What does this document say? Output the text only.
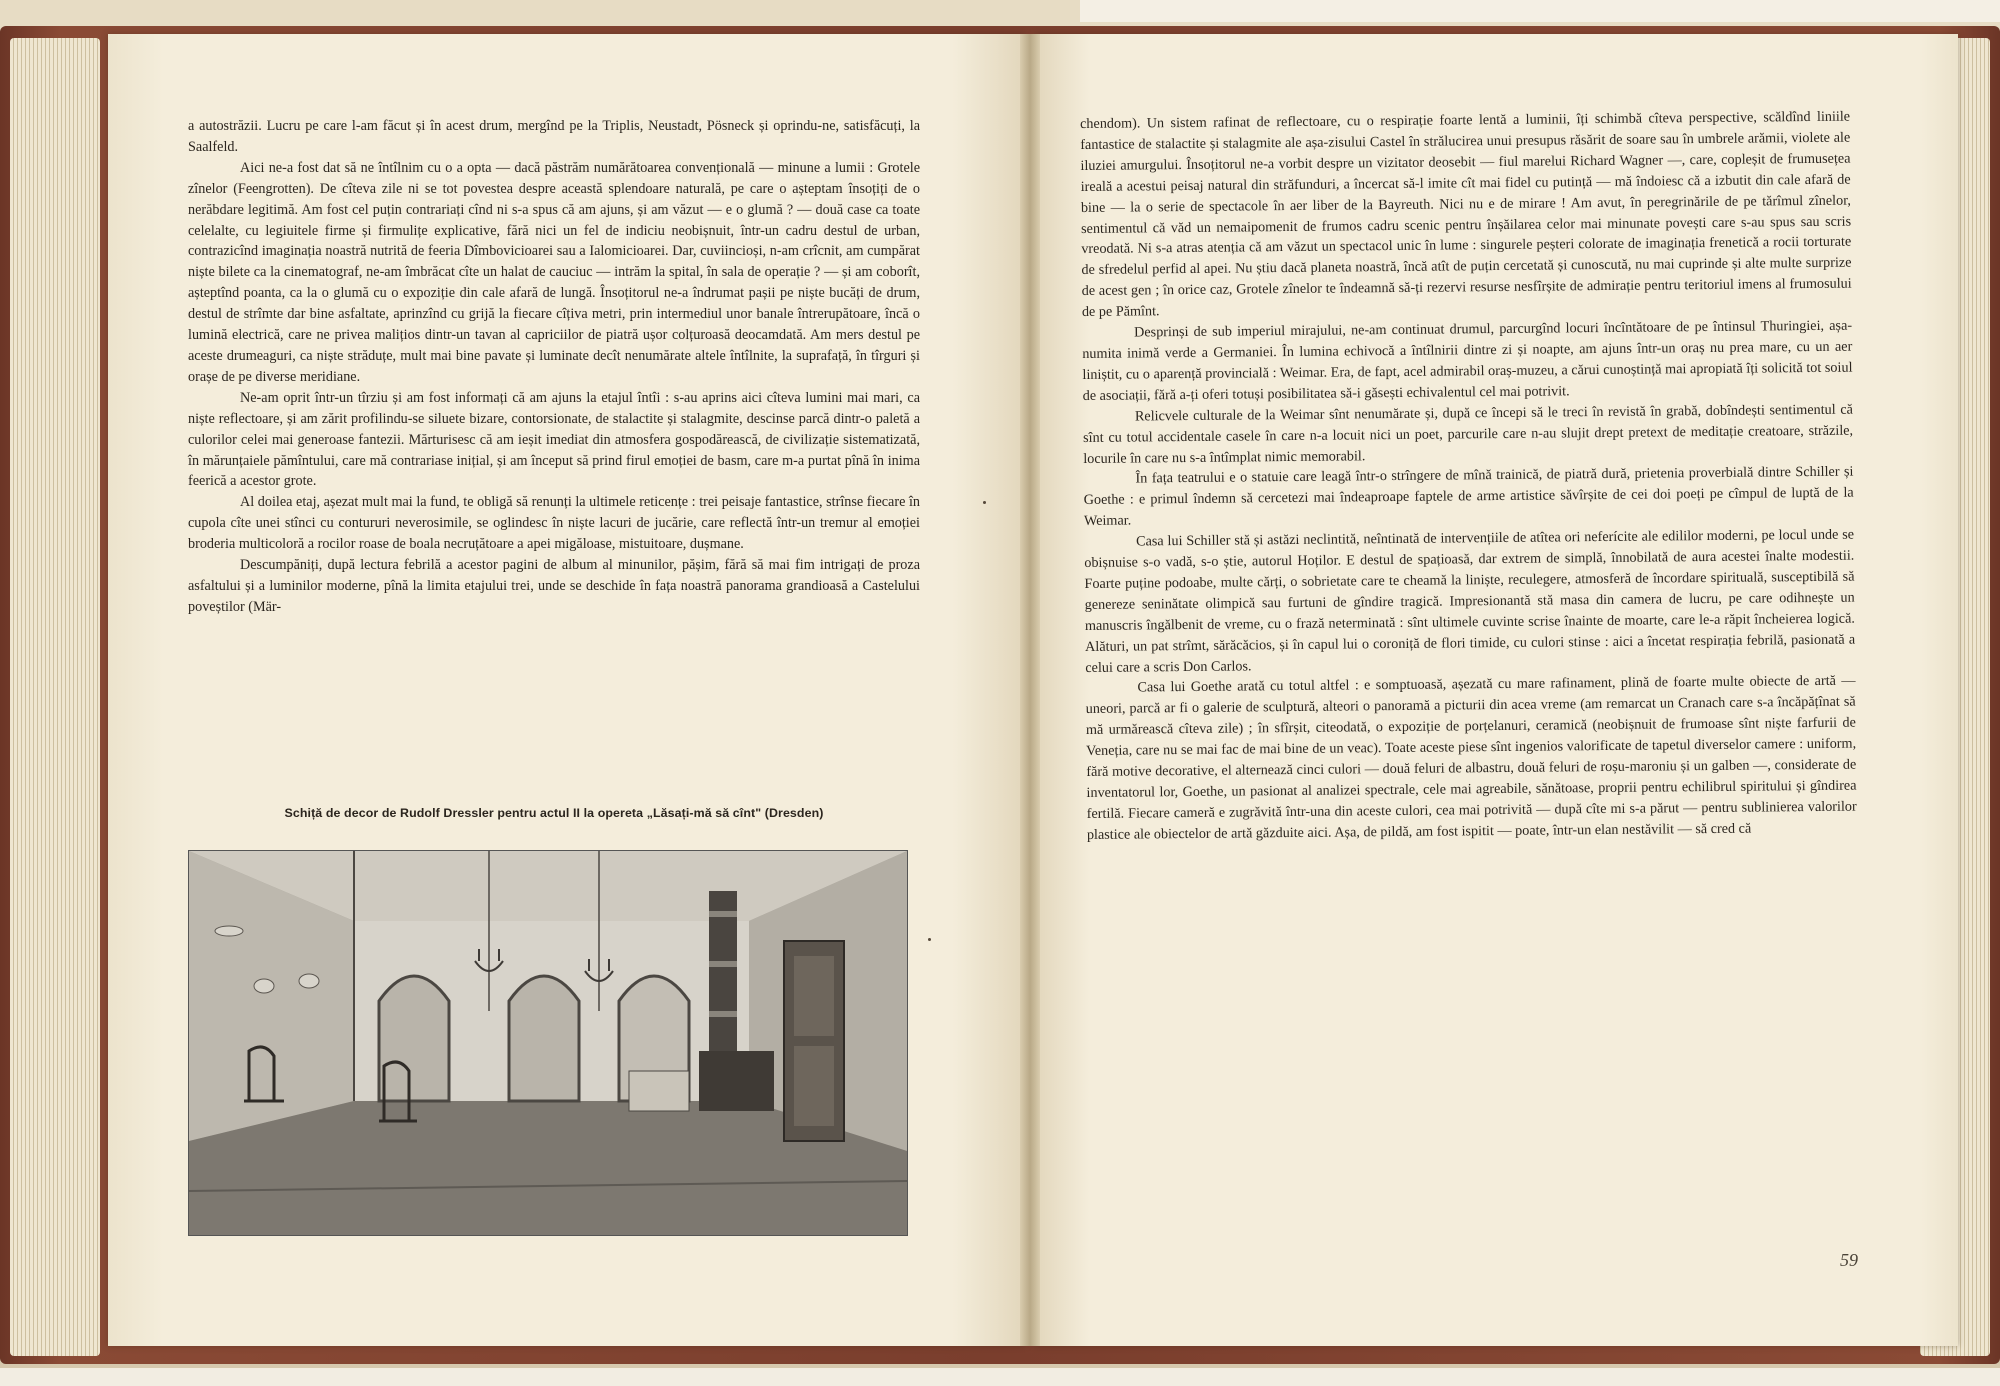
a autostrăzii. Lucru pe care l-am făcut și în acest drum, mergînd pe la Triplis, Neustadt, Pösneck și oprindu-ne, satisfăcuți, la Saalfeld.

Aici ne-a fost dat să ne întîlnim cu o a opta — dacă păstrăm numărătoarea convențională — minune a lumii : Grotele zînelor (Feengrotten). De cîteva zile ni se tot povestea despre această splendoare naturală, pe care o așteptam însoțiți de o nerăbdare legitimă. Am fost cel puțin contrariați cînd ni s-a spus că am ajuns, și am văzut — e o glumă ? — două case ca toate celelalte, cu legiuitele firme și firmulițe explicative, fără nici un fel de indiciu neobișnuit, într-un cadru destul de urban, contrazicînd imaginația noastră nutrită de feeria Dîmbovicioarei sau a Ialomicioarei. Dar, cuviincioși, n-am crîcnit, am cumpărat niște bilete ca la cinematograf, ne-am îmbrăcat cîte un halat de cauciuc — intrăm la spital, în sala de operație ? — și am coborît, așteptînd poanta, ca la o glumă cu o expoziție din cale afară de lungă. Însoțitorul ne-a îndrumat pașii pe niște bucăți de drum, destul de strîmte dar bine asfaltate, aprinzînd cu grijă la fiecare cîțiva metri, prin intermediul unor banale întrerupătoare, încă o lumină electrică, care ne privea malițios dintr-un tavan al capriciilor de piatră ușor colțuroasă deocamdată. Am mers destul pe aceste drumeaguri, ca niște străduțe, mult mai bine pavate și luminate decît nenumărate altele întîlnite, la suprafață, în tîrguri și orașe de pe diverse meridiane.

Ne-am oprit într-un tîrziu și am fost informați că am ajuns la etajul întîi : s-au aprins aici cîteva lumini mai mari, ca niște reflectoare, și am zărit profilindu-se siluete bizare, contorsionate, de stalactite și stalagmite, descinse parcă dintr-o paletă a culorilor celei mai generoase fantezii. Mărturisesc că am ieșit imediat din atmosfera gospodărească, de civilizație sistematizată, în mărunțaiele pămîntului, care mă contrariase inițial, și am început să prind firul emoției de basm, care m-a purtat pînă în inima feerică a acestor grote.

Al doilea etaj, așezat mult mai la fund, te obligă să renunți la ultimele reticențe : trei peisaje fantastice, strînse fiecare în cupola cîte unei stînci cu contururi neverosimile, se oglindesc în niște lacuri de jucărie, care reflectă într-un tremur al emoției broderia multicoloră a rocilor roase de boala necruțătoare a apei migăloase, mistuitoare, dușmane.

Descumpăniți, după lectura febrilă a acestor pagini de album al minunilor, pășim, fără să mai fim intrigați de proza asfaltului și a luminilor moderne, pînă la limita etajului trei, unde se deschide în fața noastră panorama grandioasă a Castelului poveștilor (Mär-

Schiță de decor de Rudolf Dressler pentru actul II la opereta „Lăsați-mă să cînt" (Dresden)

chendom). Un sistem rafinat de reflectoare, cu o respirație foarte lentă a luminii, îți schimbă cîteva perspective, scăldînd liniile fantastice de stalactite și stalagmite ale așa-zisului Castel în strălucirea unui presupus răsărit de soare sau în umbrele arămii, violete ale iluziei amurgului. Însoțitorul ne-a vorbit despre un vizitator deosebit — fiul marelui Richard Wagner —, care, copleșit de frumusețea ireală a acestui peisaj natural din străfunduri, a încercat să-l imite cît mai fidel cu putință — mă îndoiesc că a izbutit din cale afară de bine — la o serie de spectacole în aer liber de la Bayreuth. Nici nu e de mirare ! Am avut, în peregrinările de pe tărîmul zînelor, sentimentul că văd un nemaipomenit de frumos cadru scenic pentru înșăilarea celor mai minunate povești care s-au spus sau scris vreodată. Ni s-a atras atenția că am văzut un spectacol unic în lume : singurele peșteri colorate de imaginația frenetică a rocii torturate de sfredelul perfid al apei. Nu știu dacă planeta noastră, încă atît de puțin cercetată și cunoscută, nu mai cuprinde și alte multe surprize de acest gen ; în orice caz, Grotele zînelor te îndeamnă să-ți rezervi resurse nesfîrșite de admirație pentru teritoriul imens al frumosului de pe Pămînt.

Desprinși de sub imperiul mirajului, ne-am continuat drumul, parcurgînd locuri încîntătoare de pe întinsul Thuringiei, așa-numita inimă verde a Germaniei. În lumina echivocă a întîlnirii dintre zi și noapte, am ajuns într-un oraș nu prea mare, cu un aer liniștit, cu o aparență provincială : Weimar. Era, de fapt, acel admirabil oraș-muzeu, a cărui cunoștință mai apropiată îți solicită tot soiul de asociații, fără a-ți oferi totuși posibilitatea să-i găsești echivalentul cel mai potrivit.

Relicvele culturale de la Weimar sînt nenumărate și, după ce începi să le treci în revistă în grabă, dobîndești sentimentul că sînt cu totul accidentale casele în care n-a locuit nici un poet, parcurile care n-au slujit drept pretext de meditație creatoare, străzile, locurile în care nu s-a întîmplat nimic memorabil.

În fața teatrului e o statuie care leagă într-o strîngere de mînă trainică, de piatră dură, prietenia proverbială dintre Schiller și Goethe : e primul îndemn să cercetezi mai îndeaproape faptele de arme artistice săvîrșite de cei doi poeți pe cîmpul de luptă de la Weimar.

Casa lui Schiller stă și astăzi neclintită, neîntinată de intervențiile de atîtea ori neferícite ale edililor moderni, pe locul unde se obișnuise s-o vadă, s-o știe, autorul Hoților. E destul de spațioasă, dar extrem de simplă, înnobilată de aura acestei înalte modestii. Foarte puține podoabe, multe cărți, o sobrietate care te cheamă la liniște, reculegere, atmosferă de încordare spirituală, susceptibilă să genereze seninătate olimpică sau furtuni de gîndire tragică. Impresionantă stă masa din camera de lucru, pe care odihnește un manuscris îngălbenit de vreme, cu o frază neterminată : sînt ultimele cuvinte scrise înainte de moarte, care le-a răpit încheierea logică. Alături, un pat strîmt, sărăcăcios, și în capul lui o coroniță de flori timide, cu culori stinse : aici a încetat respirația febrilă, pasionată a celui care a scris Don Carlos.

Casa lui Goethe arată cu totul altfel : e somptuoasă, așezată cu mare rafinament, plină de foarte multe obiecte de artă — uneori, parcă ar fi o galerie de sculptură, alteori o panoramă a picturii din acea vreme (am remarcat un Cranach care s-a încăpățînat să mă urmărească cîteva zile) ; în sfîrșit, citeodată, o expoziție de porțelanuri, ceramică (neobișnuit de frumoase sînt niște farfurii de Veneția, care nu se mai fac de mai bine de un veac). Toate aceste piese sînt ingenios valorificate de tapetul diverselor camere : uniform, fără motive decorative, el alternează cinci culori — două feluri de albastru, două feluri de roșu-maroniu și un galben —, considerate de inventatorul lor, Goethe, un pasionat al analizei spectrale, cele mai agreabile, sănătoase, proprii pentru echilibrul spiritului și gîndirea fertilă. Fiecare cameră e zugrăvită într-una din aceste culori, cea mai potrivită — după cîte mi s-a părut — pentru sublinierea valorilor plastice ale obiectelor de artă găzduite aici. Așa, de pildă, am fost ispitit — poate, într-un elan nestăvilit — să cred că

59
